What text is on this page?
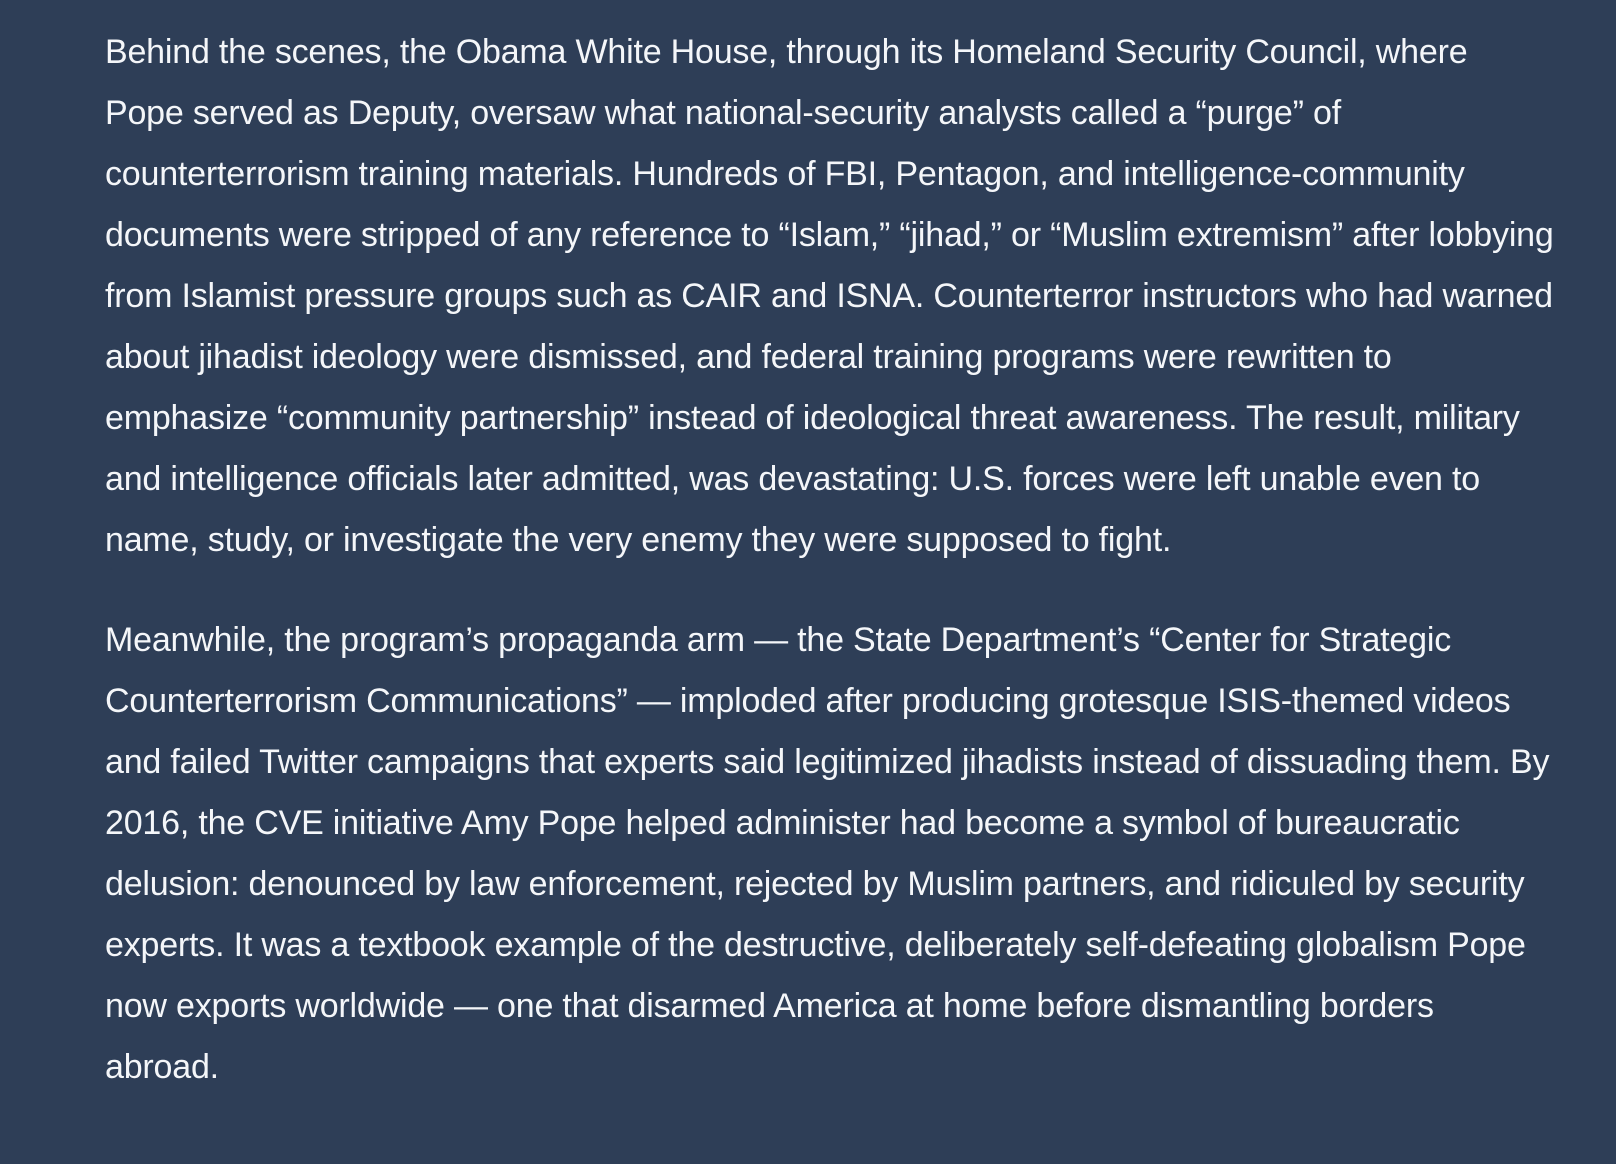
Behind the scenes, the Obama White House, through its Homeland Security Council, where Pope served as Deputy, oversaw what national-security analysts called a “purge” of counterterrorism training materials. Hundreds of FBI, Pentagon, and intelligence-community documents were stripped of any reference to “Islam,” “jihad,” or “Muslim extremism” after lobbying from Islamist pressure groups such as CAIR and ISNA. Counterterror instructors who had warned about jihadist ideology were dismissed, and federal training programs were rewritten to emphasize “community partnership” instead of ideological threat awareness. The result, military and intelligence officials later admitted, was devastating: U.S. forces were left unable even to name, study, or investigate the very enemy they were supposed to fight.

Meanwhile, the program’s propaganda arm — the State Department’s “Center for Strategic Counterterrorism Communications” — imploded after producing grotesque ISIS-themed videos and failed Twitter campaigns that experts said legitimized jihadists instead of dissuading them. By 2016, the CVE initiative Amy Pope helped administer had become a symbol of bureaucratic delusion: denounced by law enforcement, rejected by Muslim partners, and ridiculed by security experts. It was a textbook example of the destructive, deliberately self-defeating globalism Pope now exports worldwide — one that disarmed America at home before dismantling borders abroad.
